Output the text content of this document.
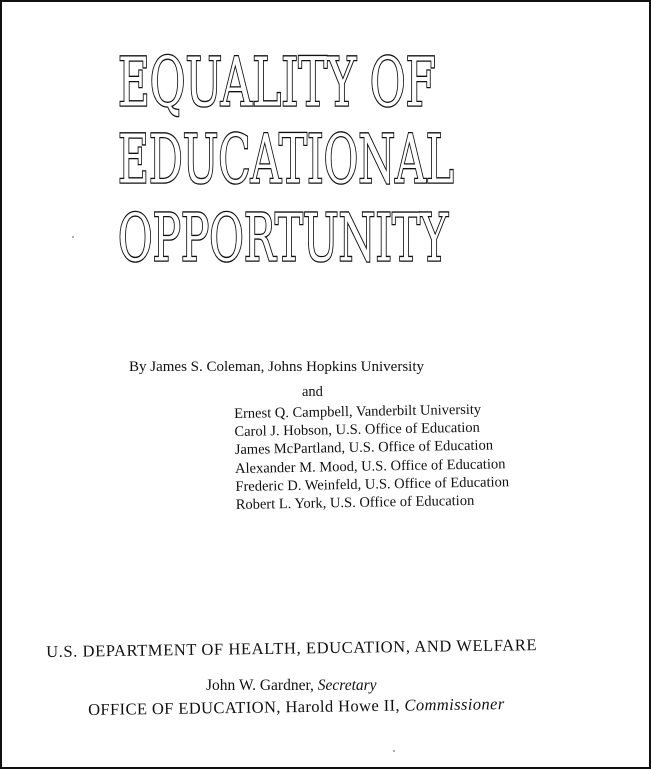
EQUALITY OF
EDUCATIONAL
OPPORTUNITY
By James S. Coleman, Johns Hopkins University
and
Ernest Q. Campbell, Vanderbilt University
Carol J. Hobson, U.S. Office of Education
James McPartland, U.S. Office of Education
Alexander M. Mood, U.S. Office of Education
Frederic D. Weinfeld, U.S. Office of Education
Robert L. York, U.S. Office of Education
U.S. DEPARTMENT OF HEALTH, EDUCATION, AND WELFARE
John W. Gardner, Secretary
OFFICE OF EDUCATION, Harold Howe II, Commissioner
